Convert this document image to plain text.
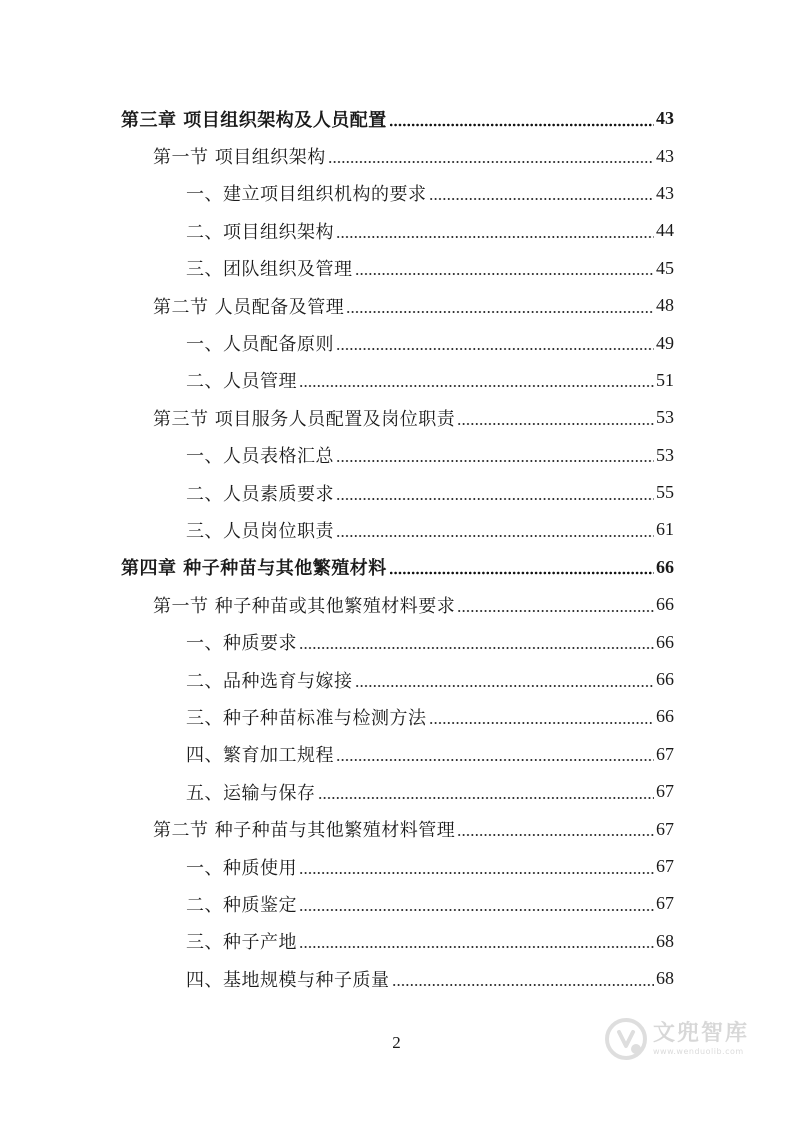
第三章 项目组织架构及人员配置	43
第一节 项目组织架构	43
一、建立项目组织机构的要求	43
二、项目组织架构	44
三、团队组织及管理	45
第二节 人员配备及管理	48
一、人员配备原则	49
二、人员管理	51
第三节 项目服务人员配置及岗位职责	53
一、人员表格汇总	53
二、人员素质要求	55
三、人员岗位职责	61
第四章 种子种苗与其他繁殖材料	66
第一节 种子种苗或其他繁殖材料要求	66
一、种质要求	66
二、品种选育与嫁接	66
三、种子种苗标准与检测方法	66
四、繁育加工规程	67
五、运输与保存	67
第二节 种子种苗与其他繁殖材料管理	67
一、种质使用	67
二、种质鉴定	67
三、种子产地	68
四、基地规模与种子质量	68
2	文兜智库
www.wenduolib.com
